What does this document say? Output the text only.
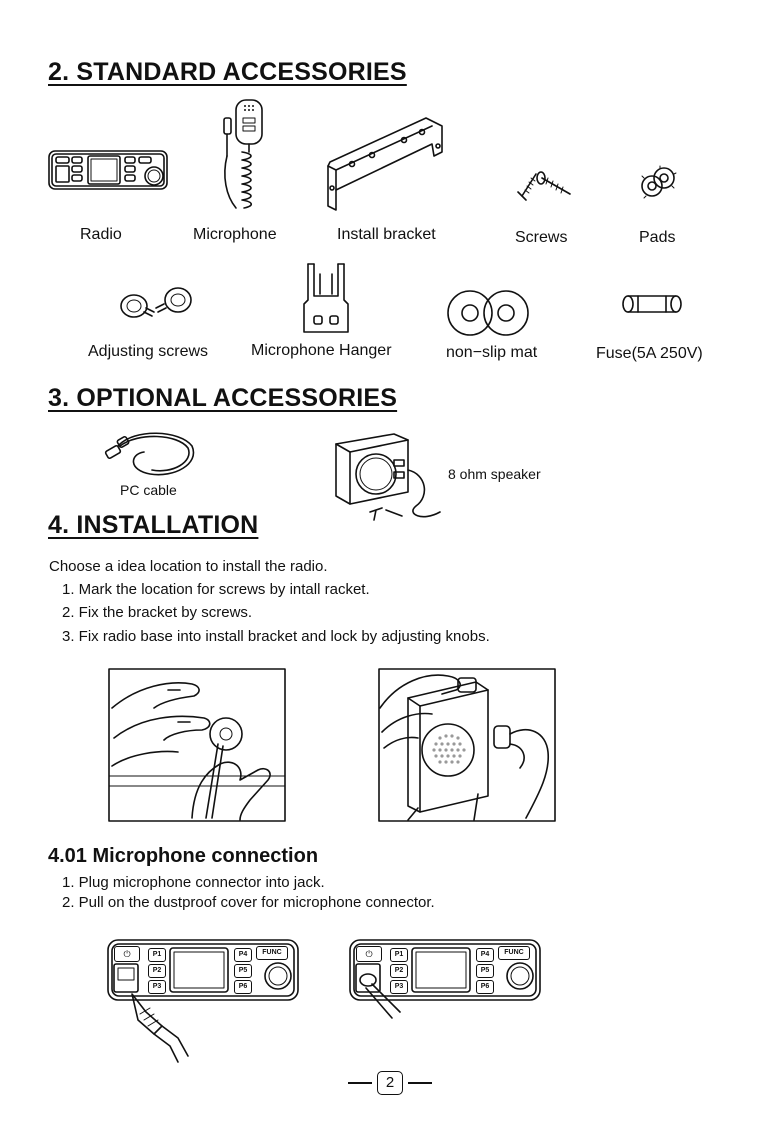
2. STANDARD ACCESSORIES
Radio	Microphone	Install bracket	Screws	Pads
Adjusting screws	Microphone Hanger	non−slip mat	Fuse(5A 250V)
3. OPTIONAL ACCESSORIES
PC cable
8 ohm speaker
4. INSTALLATION
Choose a idea location to install the radio.
1. Mark the location for screws by intall racket.
2. Fix the bracket by screws.
3. Fix radio base into install bracket and lock by adjusting knobs.
4.01 Microphone connection
1. Plug microphone connector into jack.
2. Pull on the dustproof cover for microphone connector.
⏻	P1
P2
P3
P4
P5
P6
FUNC	⏻	P1
P2
P3
P4
P5
P6
FUNC
2
